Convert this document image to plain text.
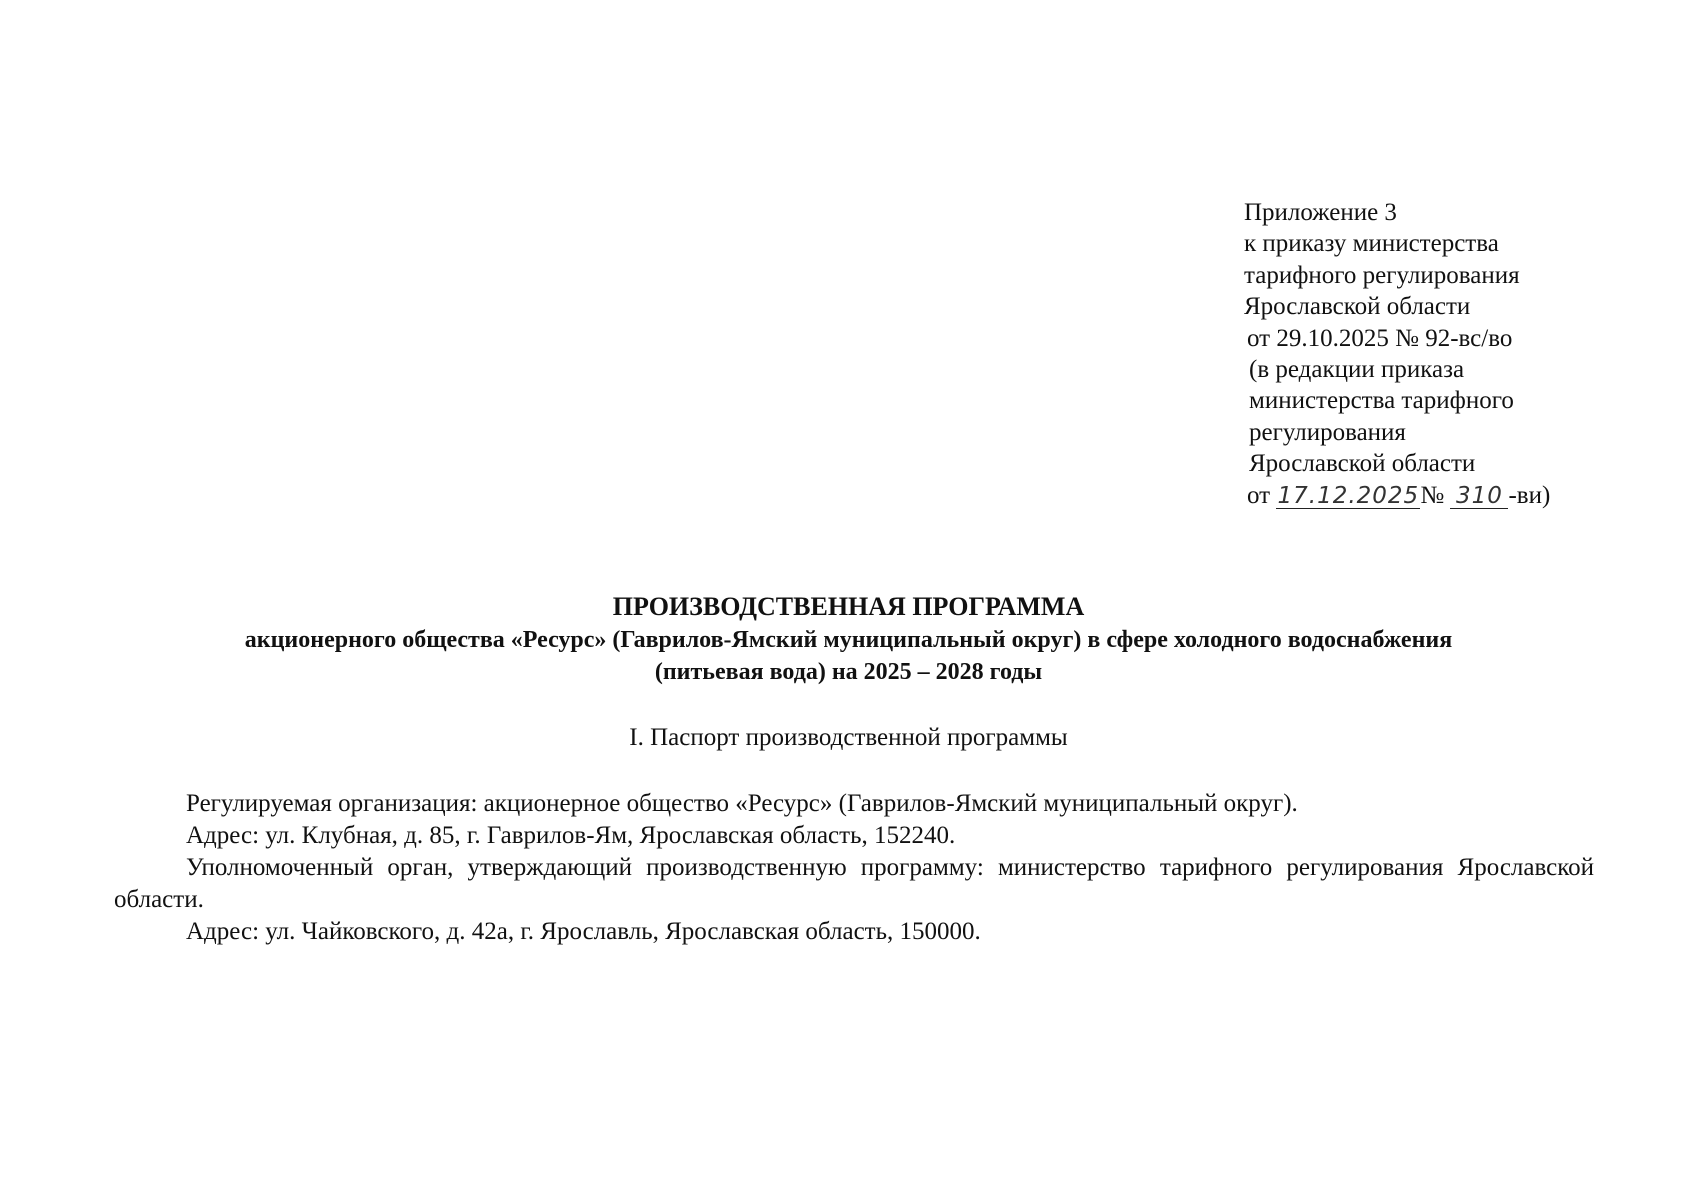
Приложение 3
к приказу министерства
тарифного регулирования
Ярославской области
от 29.10.2025 № 92-вс/во
(в редакции приказа
министерства тарифного
регулирования
Ярославской области
от 17.12.2025№ 310 -ви)
ПРОИЗВОДСТВЕННАЯ ПРОГРАММА
акционерного общества «Ресурс» (Гаврилов-Ямский муниципальный округ) в сфере холодного водоснабжения
(питьевая вода) на 2025 – 2028 годы
I. Паспорт производственной программы
Регулируемая организация: акционерное общество «Ресурс» (Гаврилов-Ямский муниципальный округ).
Адрес: ул. Клубная, д. 85, г. Гаврилов-Ям, Ярославская область, 152240.
Уполномоченный орган, утверждающий производственную программу: министерство тарифного регулирования Ярославской области.
Адрес: ул. Чайковского, д. 42а, г. Ярославль, Ярославская область, 150000.
